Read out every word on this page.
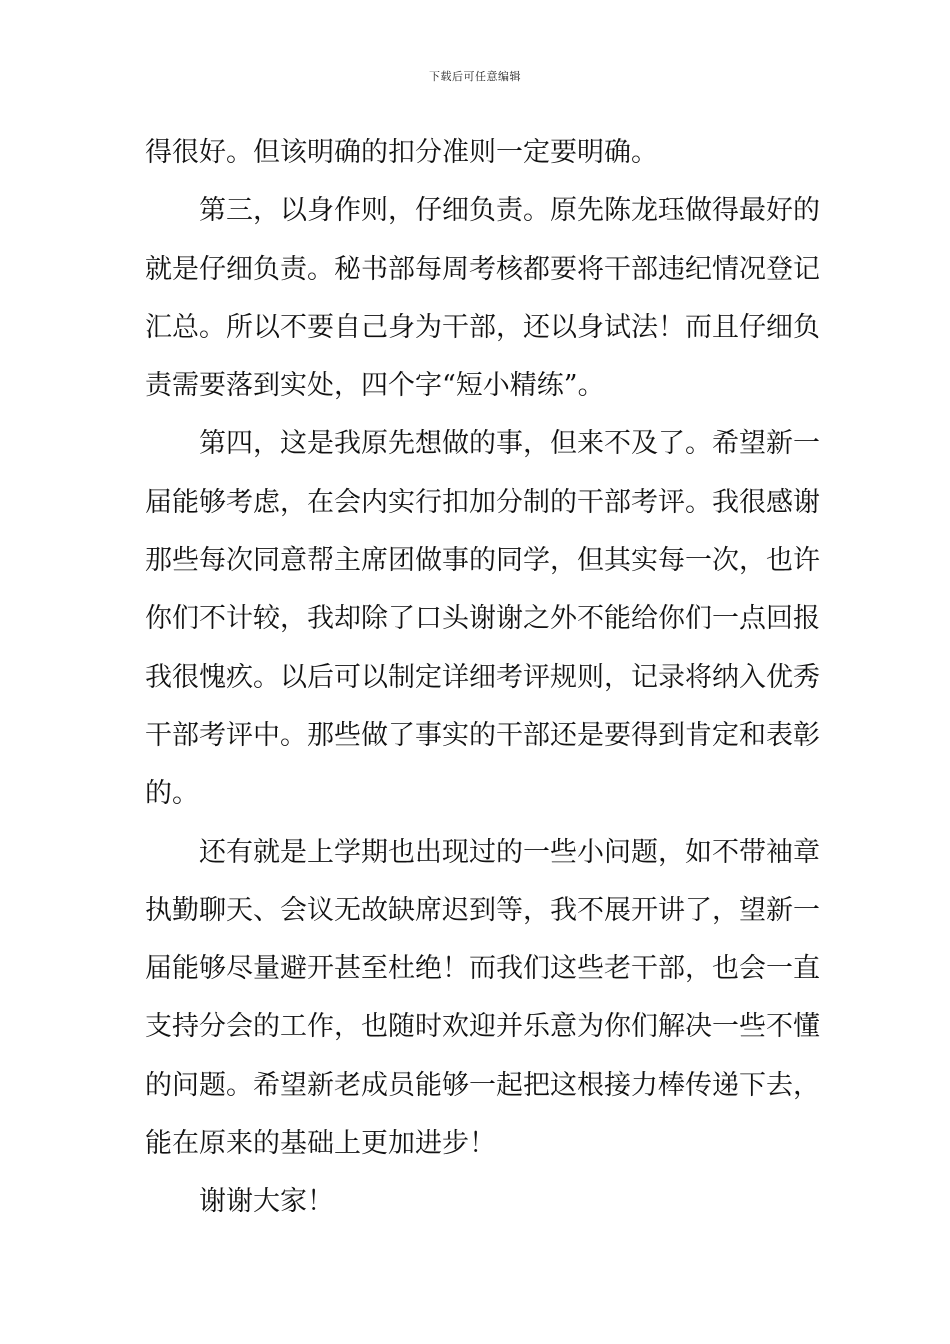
下载后可任意编辑
得很好。但该明确的扣分准则一定要明确。
第三，以身作则，仔细负责。原先陈龙珏做得最好的
就是仔细负责。秘书部每周考核都要将干部违纪情况登记
汇总。所以不要自己身为干部，还以身试法！而且仔细负
责需要落到实处，四个字“短小精练”。
第四，这是我原先想做的事，但来不及了。希望新一
届能够考虑，在会内实行扣加分制的干部考评。我很感谢
那些每次同意帮主席团做事的同学，但其实每一次，也许
你们不计较，我却除了口头谢谢之外不能给你们一点回报
我很愧疚。以后可以制定详细考评规则，记录将纳入优秀
干部考评中。那些做了事实的干部还是要得到肯定和表彰
的。
还有就是上学期也出现过的一些小问题，如不带袖章
执勤聊天、会议无故缺席迟到等，我不展开讲了，望新一
届能够尽量避开甚至杜绝！而我们这些老干部，也会一直
支持分会的工作，也随时欢迎并乐意为你们解决一些不懂
的问题。希望新老成员能够一起把这根接力棒传递下去，
能在原来的基础上更加进步！
谢谢大家！
